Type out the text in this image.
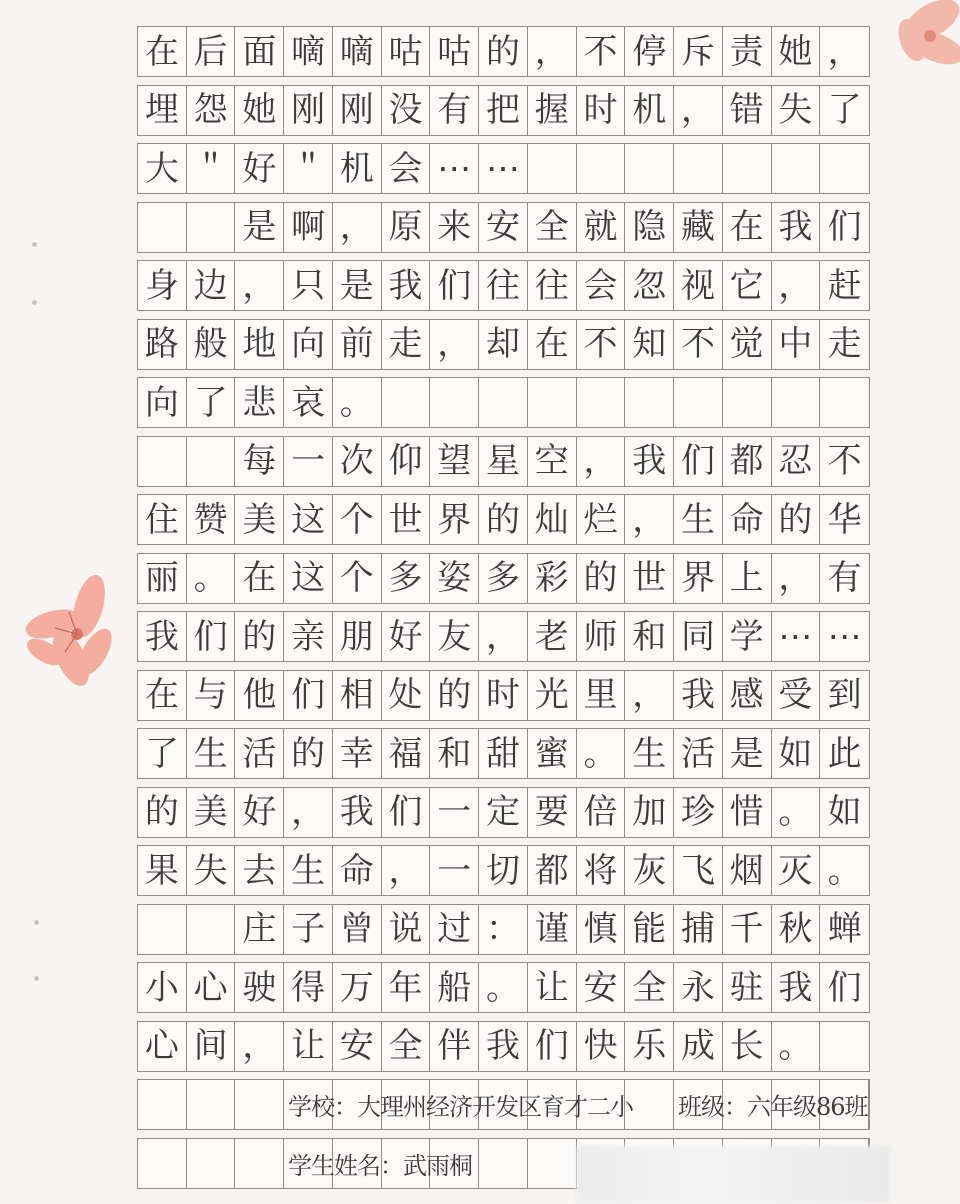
在 后 面 嘀 嘀 咕 咕 的 ， 不 停 斥 责 她 ，
埋 怨 她 刚 刚 没 有 把 握 时 机 ， 错 失 了
大 ＂ 好 ＂ 机 会 ⋯ ⋯
是 啊 ， 原 来 安 全 就 隐 藏 在 我 们
身 边 ， 只 是 我 们 往 往 会 忽 视 它 ， 赶
路 般 地 向 前 走 ， 却 在 不 知 不 觉 中 走
向 了 悲 哀 。
每 一 次 仰 望 星 空 ， 我 们 都 忍 不
住 赞 美 这 个 世 界 的 灿 烂 ， 生 命 的 华
丽 。 在 这 个 多 姿 多 彩 的 世 界 上 ， 有
我 们 的 亲 朋 好 友 ， 老 师 和 同 学 ⋯ ⋯
在 与 他 们 相 处 的 时 光 里 ， 我 感 受 到
了 生 活 的 幸 福 和 甜 蜜 。 生 活 是 如 此
的 美 好 ， 我 们 一 定 要 倍 加 珍 惜 。 如
果 失 去 生 命 ， 一 切 都 将 灰 飞 烟 灭 。
庄 子 曾 说 过 ： 谨 慎 能 捕 千 秋 蝉
小 心 驶 得 万 年 船 。 让 安 全 永 驻 我 们
心 间 ， 让 安 全 伴 我 们 快 乐 成 长 。
学校：大理州经济开发区育才二小 班级：六年级86班
学生姓名：武雨桐
